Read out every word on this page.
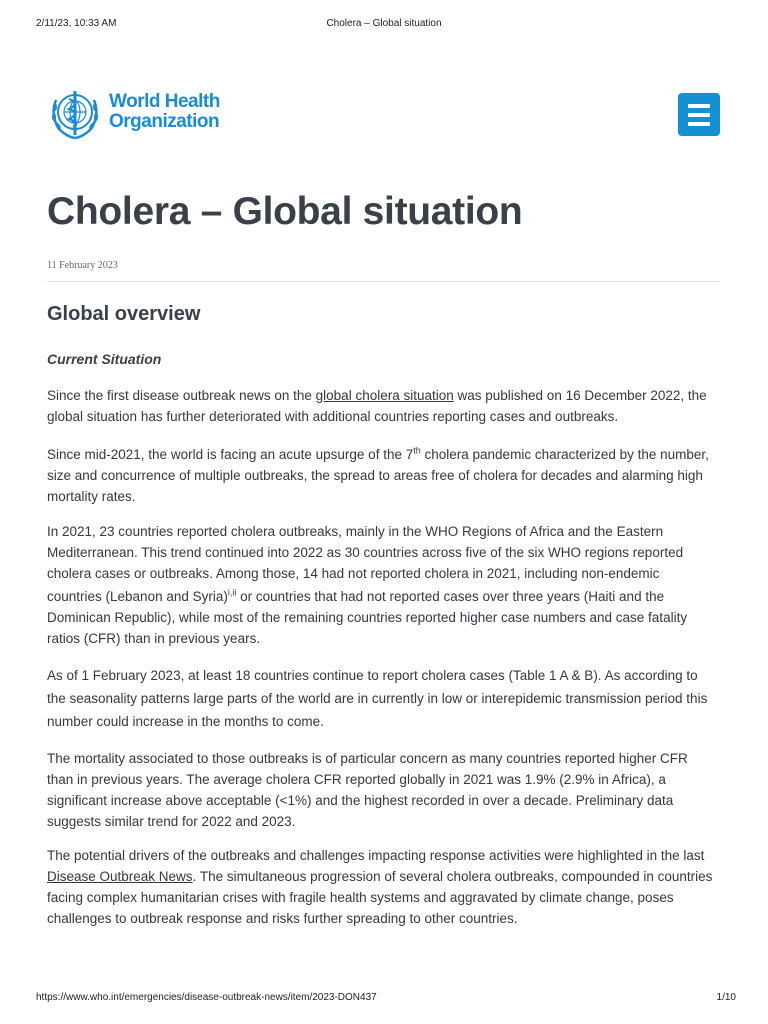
2/11/23, 10:33 AM	Cholera – Global situation
World Health
Organization
Cholera – Global situation
11 February 2023
Global overview
Current Situation
Since the first disease outbreak news on the global cholera situation was published on 16 December 2022, the
global situation has further deteriorated with additional countries reporting cases and outbreaks.
Since mid-2021, the world is facing an acute upsurge of the 7th cholera pandemic characterized by the number,
size and concurrence of multiple outbreaks, the spread to areas free of cholera for decades and alarming high
mortality rates.
In 2021, 23 countries reported cholera outbreaks, mainly in the WHO Regions of Africa and the Eastern
Mediterranean. This trend continued into 2022 as 30 countries across five of the six WHO regions reported
cholera cases or outbreaks. Among those, 14 had not reported cholera in 2021, including non-endemic
countries (Lebanon and Syria)$^{i,ii}$ or countries that had not reported cases over three years (Haiti and the
Dominican Republic), while most of the remaining countries reported higher case numbers and case fatality
ratios (CFR) than in previous years.
As of 1 February 2023, at least 18 countries continue to report cholera cases (Table 1 A & B). As according to
the seasonality patterns large parts of the world are in currently in low or interepidemic transmission period this
number could increase in the months to come.
The mortality associated to those outbreaks is of particular concern as many countries reported higher CFR
than in previous years. The average cholera CFR reported globally in 2021 was 1.9% (2.9% in Africa), a
significant increase above acceptable (<1%) and the highest recorded in over a decade. Preliminary data
suggests similar trend for 2022 and 2023.
The potential drivers of the outbreaks and challenges impacting response activities were highlighted in the last
Disease Outbreak News. The simultaneous progression of several cholera outbreaks, compounded in countries
facing complex humanitarian crises with fragile health systems and aggravated by climate change, poses
challenges to outbreak response and risks further spreading to other countries.
https://www.who.int/emergencies/disease-outbreak-news/item/2023-DON437	1/10
